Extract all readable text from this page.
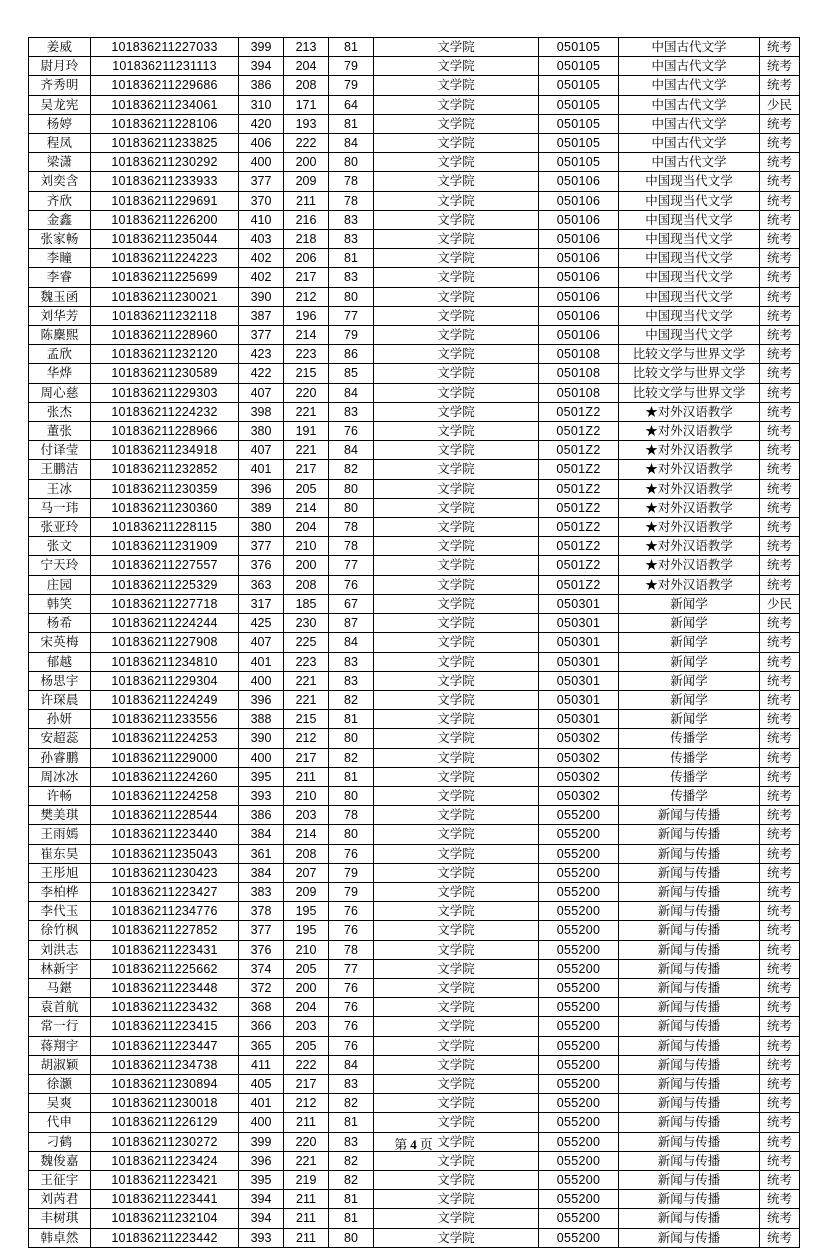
姜威	101836211227033	399	213	81	文学院	050105	中国古代文学	统考
尉月玲	101836211231113	394	204	79	文学院	050105	中国古代文学	统考
齐秀明	101836211229686	386	208	79	文学院	050105	中国古代文学	统考
吴龙宪	101836211234061	310	171	64	文学院	050105	中国古代文学	少民
杨婷	101836211228106	420	193	81	文学院	050105	中国古代文学	统考
程凤	101836211233825	406	222	84	文学院	050105	中国古代文学	统考
梁潇	101836211230292	400	200	80	文学院	050105	中国古代文学	统考
刘奕含	101836211233933	377	209	78	文学院	050106	中国现当代文学	统考
齐欣	101836211229691	370	211	78	文学院	050106	中国现当代文学	统考
金鑫	101836211226200	410	216	83	文学院	050106	中国现当代文学	统考
张家畅	101836211235044	403	218	83	文学院	050106	中国现当代文学	统考
李瞳	101836211224223	402	206	81	文学院	050106	中国现当代文学	统考
李睿	101836211225699	402	217	83	文学院	050106	中国现当代文学	统考
魏玉函	101836211230021	390	212	80	文学院	050106	中国现当代文学	统考
刘华芳	101836211232118	387	196	77	文学院	050106	中国现当代文学	统考
陈麇熙	101836211228960	377	214	79	文学院	050106	中国现当代文学	统考
孟欣	101836211232120	423	223	86	文学院	050108	比较文学与世界文学	统考
华烨	101836211230589	422	215	85	文学院	050108	比较文学与世界文学	统考
周心慈	101836211229303	407	220	84	文学院	050108	比较文学与世界文学	统考
张杰	101836211224232	398	221	83	文学院	0501Z2	★对外汉语教学	统考
董张	101836211228966	380	191	76	文学院	0501Z2	★对外汉语教学	统考
付译莹	101836211234918	407	221	84	文学院	0501Z2	★对外汉语教学	统考
王鹏洁	101836211232852	401	217	82	文学院	0501Z2	★对外汉语教学	统考
王冰	101836211230359	396	205	80	文学院	0501Z2	★对外汉语教学	统考
马一玮	101836211230360	389	214	80	文学院	0501Z2	★对外汉语教学	统考
张亚玲	101836211228115	380	204	78	文学院	0501Z2	★对外汉语教学	统考
张文	101836211231909	377	210	78	文学院	0501Z2	★对外汉语教学	统考
宁天玲	101836211227557	376	200	77	文学院	0501Z2	★对外汉语教学	统考
庄园	101836211225329	363	208	76	文学院	0501Z2	★对外汉语教学	统考
韩笑	101836211227718	317	185	67	文学院	050301	新闻学	少民
杨希	101836211224244	425	230	87	文学院	050301	新闻学	统考
宋英梅	101836211227908	407	225	84	文学院	050301	新闻学	统考
郁越	101836211234810	401	223	83	文学院	050301	新闻学	统考
杨思宇	101836211229304	400	221	83	文学院	050301	新闻学	统考
许琛晨	101836211224249	396	221	82	文学院	050301	新闻学	统考
孙妍	101836211233556	388	215	81	文学院	050301	新闻学	统考
安超蕊	101836211224253	390	212	80	文学院	050302	传播学	统考
孙睿鹏	101836211229000	400	217	82	文学院	050302	传播学	统考
周冰冰	101836211224260	395	211	81	文学院	050302	传播学	统考
许畅	101836211224258	393	210	80	文学院	050302	传播学	统考
樊美琪	101836211228544	386	203	78	文学院	055200	新闻与传播	统考
王雨嫣	101836211223440	384	214	80	文学院	055200	新闻与传播	统考
崔东昊	101836211235043	361	208	76	文学院	055200	新闻与传播	统考
王彤旭	101836211230423	384	207	79	文学院	055200	新闻与传播	统考
李柏桦	101836211223427	383	209	79	文学院	055200	新闻与传播	统考
李代玉	101836211234776	378	195	76	文学院	055200	新闻与传播	统考
徐竹枫	101836211227852	377	195	76	文学院	055200	新闻与传播	统考
刘洪志	101836211223431	376	210	78	文学院	055200	新闻与传播	统考
林新宇	101836211225662	374	205	77	文学院	055200	新闻与传播	统考
马鍖	101836211223448	372	200	76	文学院	055200	新闻与传播	统考
袁首航	101836211223432	368	204	76	文学院	055200	新闻与传播	统考
常一行	101836211223415	366	203	76	文学院	055200	新闻与传播	统考
蒋翔宇	101836211223447	365	205	76	文学院	055200	新闻与传播	统考
胡淑颖	101836211234738	411	222	84	文学院	055200	新闻与传播	统考
徐灏	101836211230894	405	217	83	文学院	055200	新闻与传播	统考
吴爽	101836211230018	401	212	82	文学院	055200	新闻与传播	统考
代申	101836211226129	400	211	81	文学院	055200	新闻与传播	统考
刁鹤	101836211230272	399	220	83	文学院	055200	新闻与传播	统考
魏俊嘉	101836211223424	396	221	82	文学院	055200	新闻与传播	统考
王征宇	101836211223421	395	219	82	文学院	055200	新闻与传播	统考
刘芮君	101836211223441	394	211	81	文学院	055200	新闻与传播	统考
丰树琪	101836211232104	394	211	81	文学院	055200	新闻与传播	统考
韩卓然	101836211223442	393	211	80	文学院	055200	新闻与传播	统考
第 4 页
